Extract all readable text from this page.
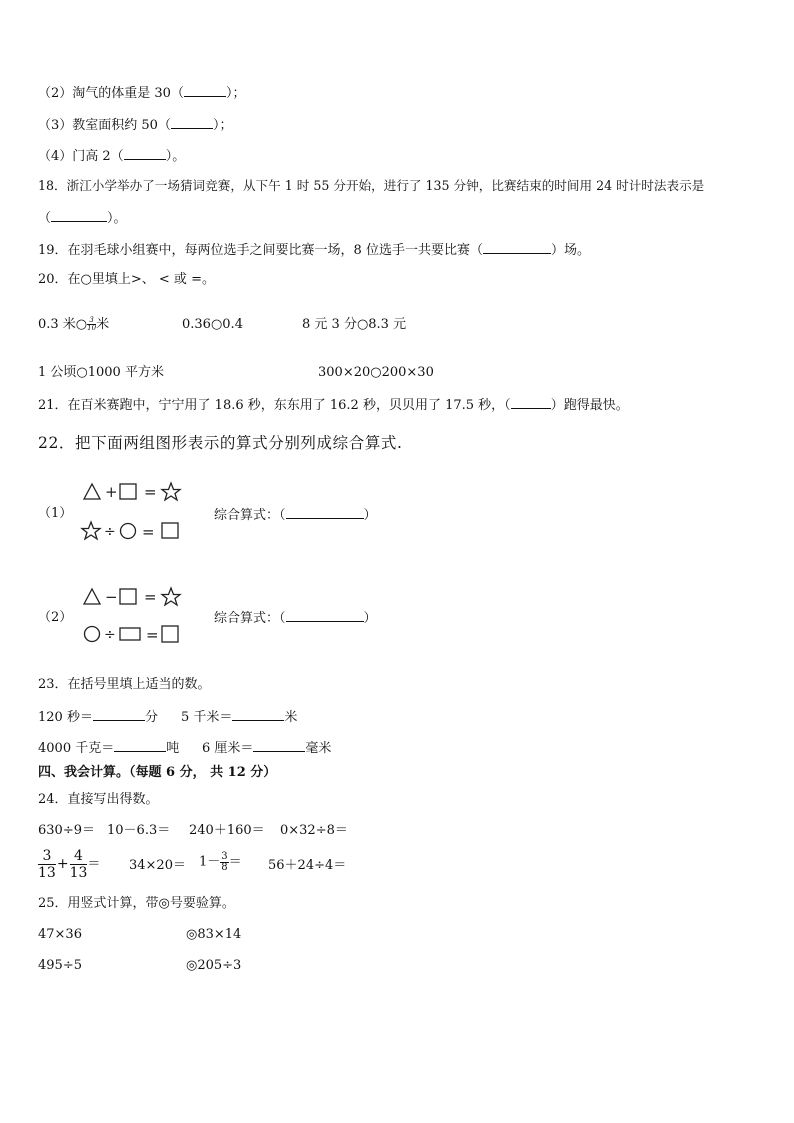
（2）淘气的体重是 30（	）；
（3）教室面积约 50（	）；
（4）门高 2（	）。
18．浙江小学举办了一场猜词竞赛，从下午 1 时 55 分开始，进行了 135 分钟，比赛结束的时间用 24 时计时法表示是
（	）。
19．在羽毛球小组赛中，每两位选手之间要比赛一场，8 位选手一共要比赛（	）场。
20．在○里填上>、 < 或 =。
0.3 米○ $\frac{3}{10}$ 米	0.36○0.4	8 元 3 分○8.3 元
1 公顷○1000 平方米	300×20○200×30
21．在百米赛跑中，宁宁用了 18.6 秒，东东用了 16.2 秒，贝贝用了 17.5 秒，（	）跑得最快。
22．把下面两组图形表示的算式分别列成综合算式.
（1）
+ =
÷ =
综合算式：（	）
（2）
− =
÷ =
综合算式：（	）
23．在括号里填上适当的数。
120 秒＝	分 5 千米＝	米
4000 千克＝	吨 6 厘米＝	毫米
四、我会计算。（每题 6 分， 共 12 分）
24．直接写出得数。
630÷9＝ 10－6.3＝ 240＋160＝ 0×32÷8＝
$\frac{3}{13} + \frac{4}{13} = 34\times 20= 1- \frac{3}{8} = 56+24\div 4=$
25．用竖式计算，带◎号要验算。
47×36	◎83×14
495÷5	◎205÷3
